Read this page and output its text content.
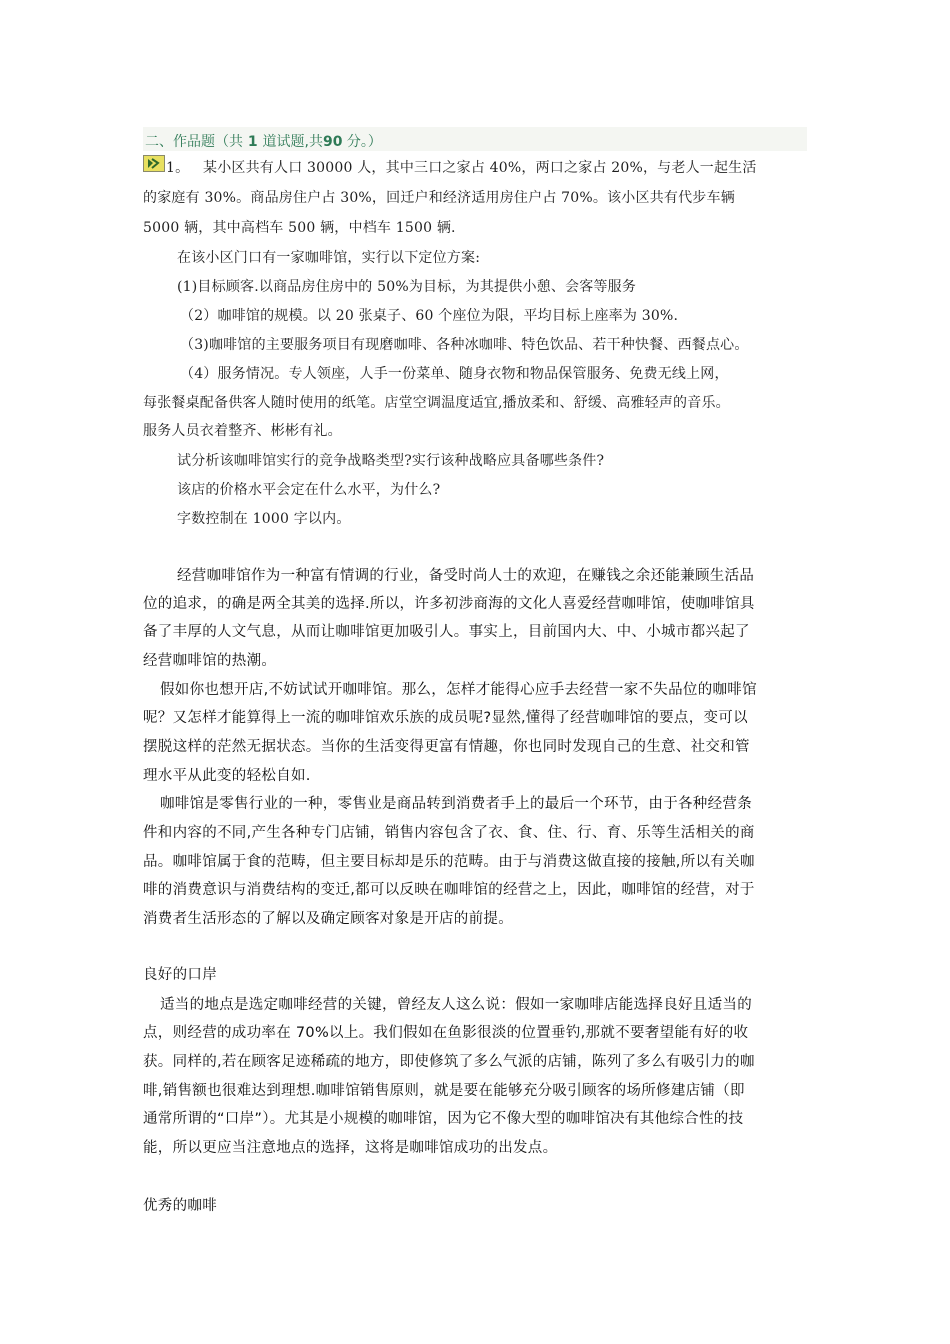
二、作品题（共 1 道试题,共90 分。）
1。 某小区共有人口 30000 人，其中三口之家占 40%，两口之家占 20%，与老人一起生活
的家庭有 30%。商品房住户占 30%，回迁户和经济适用房住户占 70%。该小区共有代步车辆
5000 辆，其中高档车 500 辆，中档车 1500 辆.
在该小区门口有一家咖啡馆，实行以下定位方案:
(1)目标顾客.以商品房住房中的 50%为目标，为其提供小憩、会客等服务
（2）咖啡馆的规模。以 20 张桌子、60 个座位为限，平均目标上座率为 30%.
（3)咖啡馆的主要服务项目有现磨咖啡、各种冰咖啡、特色饮品、若干种快餐、西餐点心。
（4）服务情况。专人领座，人手一份菜单、随身衣物和物品保管服务、免费无线上网，
每张餐桌配备供客人随时使用的纸笔。店堂空调温度适宜,播放柔和、舒缓、高雅轻声的音乐。
服务人员衣着整齐、彬彬有礼。
试分析该咖啡馆实行的竞争战略类型?实行该种战略应具备哪些条件?
该店的价格水平会定在什么水平，为什么?
字数控制在 1000 字以内。
经营咖啡馆作为一种富有情调的行业，备受时尚人士的欢迎，在赚钱之余还能兼顾生活品
位的追求，的确是两全其美的选择.所以，许多初涉商海的文化人喜爱经营咖啡馆，使咖啡馆具
备了丰厚的人文气息，从而让咖啡馆更加吸引人。事实上，目前国内大、中、小城市都兴起了
经营咖啡馆的热潮。
假如你也想开店,不妨试试开咖啡馆。那么，怎样才能得心应手去经营一家不失品位的咖啡馆
呢？又怎样才能算得上一流的咖啡馆欢乐族的成员呢?显然,懂得了经营咖啡馆的要点，变可以
摆脱这样的茫然无据状态。当你的生活变得更富有情趣，你也同时发现自己的生意、社交和管
理水平从此变的轻松自如.
咖啡馆是零售行业的一种，零售业是商品转到消费者手上的最后一个环节，由于各种经营条
件和内容的不同,产生各种专门店铺，销售内容包含了衣、食、住、行、育、乐等生活相关的商
品。咖啡馆属于食的范畴，但主要目标却是乐的范畴。由于与消费这做直接的接触,所以有关咖
啡的消费意识与消费结构的变迁,都可以反映在咖啡馆的经营之上，因此，咖啡馆的经营，对于
消费者生活形态的了解以及确定顾客对象是开店的前提。
良好的口岸
适当的地点是选定咖啡经营的关键，曾经友人这么说：假如一家咖啡店能选择良好且适当的
点，则经营的成功率在 70%以上。我们假如在鱼影很淡的位置垂钓,那就不要奢望能有好的收
获。同样的,若在顾客足迹稀疏的地方，即使修筑了多么气派的店铺，陈列了多么有吸引力的咖
啡,销售额也很难达到理想.咖啡馆销售原则，就是要在能够充分吸引顾客的场所修建店铺（即
通常所谓的“口岸”）。尤其是小规模的咖啡馆，因为它不像大型的咖啡馆决有其他综合性的技
能，所以更应当注意地点的选择，这将是咖啡馆成功的出发点。
优秀的咖啡
